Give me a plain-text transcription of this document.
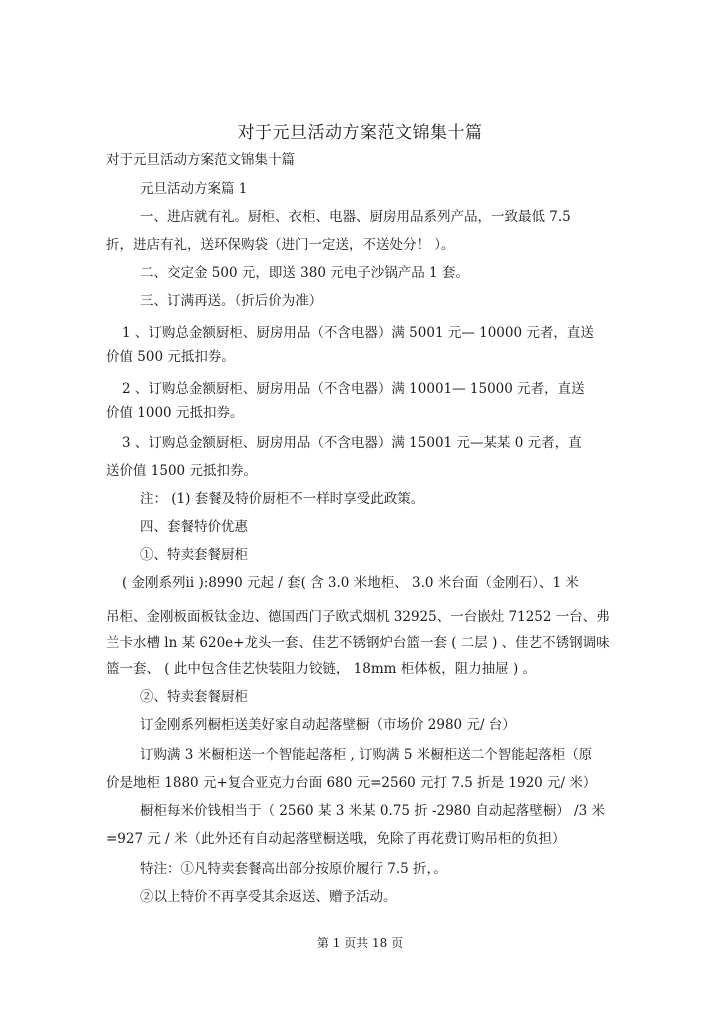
对于元旦活动方案范文锦集十篇
对于元旦活动方案范文锦集十篇
元旦活动方案篇 1
一、进店就有礼。厨柜、衣柜、电器、厨房用品系列产品，一致最低 7.5
折，进店有礼，送环保购袋（进门一定送，不送处分！ ）。
二、交定金 500 元，即送 380 元电子沙锅产品 1 套。
三、订满再送。（折后价为准）
1 、订购总金额厨柜、厨房用品（不含电器）满 5001 元— 10000 元者，直送
价值 500 元抵扣券。
2 、订购总金额厨柜、厨房用品（不含电器）满 10001— 15000 元者，直送
价值 1000 元抵扣券。
3 、订购总金额厨柜、厨房用品（不含电器）满 15001 元—某某 0 元者，直
送价值 1500 元抵扣券。
注： (1) 套餐及特价厨柜不一样时享受此政策。
四、套餐特价优惠
①、特卖套餐厨柜
( 金刚系列ⅱ ):8990 元起 / 套( 含 3.0 米地柜、 3.0 米台面（金刚石）、1 米
吊柜、金刚板面板钛金边、德国西门子欧式烟机 32925、一台嵌灶 71252 一台、弗
兰卡水槽 ln 某 620e+龙头一套、佳艺不锈钢炉台篮一套 ( 二层 ) 、佳艺不锈钢调味
篮一套、 ( 此中包含佳艺快装阻力铰链， 18mm 柜体板，阻力抽屉 ) 。
②、特卖套餐厨柜
订金刚系列橱柜送美好家自动起落壁橱（市场价 2980 元/ 台）
订购满 3 米橱柜送一个智能起落柜 , 订购满 5 米橱柜送二个智能起落柜（原
价是地柜 1880 元+复合亚克力台面 680 元=2560 元打 7.5 折是 1920 元/ 米）
橱柜每米价钱相当于（ 2560 某 3 米某 0.75 折 -2980 自动起落壁橱） /3 米
=927 元 / 米（此外还有自动起落壁橱送哦，免除了再花费订购吊柜的负担）
特注：①凡特卖套餐高出部分按原价履行 7.5 折，。
②以上特价不再享受其余返送、赠予活动。
第 1 页共 18 页
